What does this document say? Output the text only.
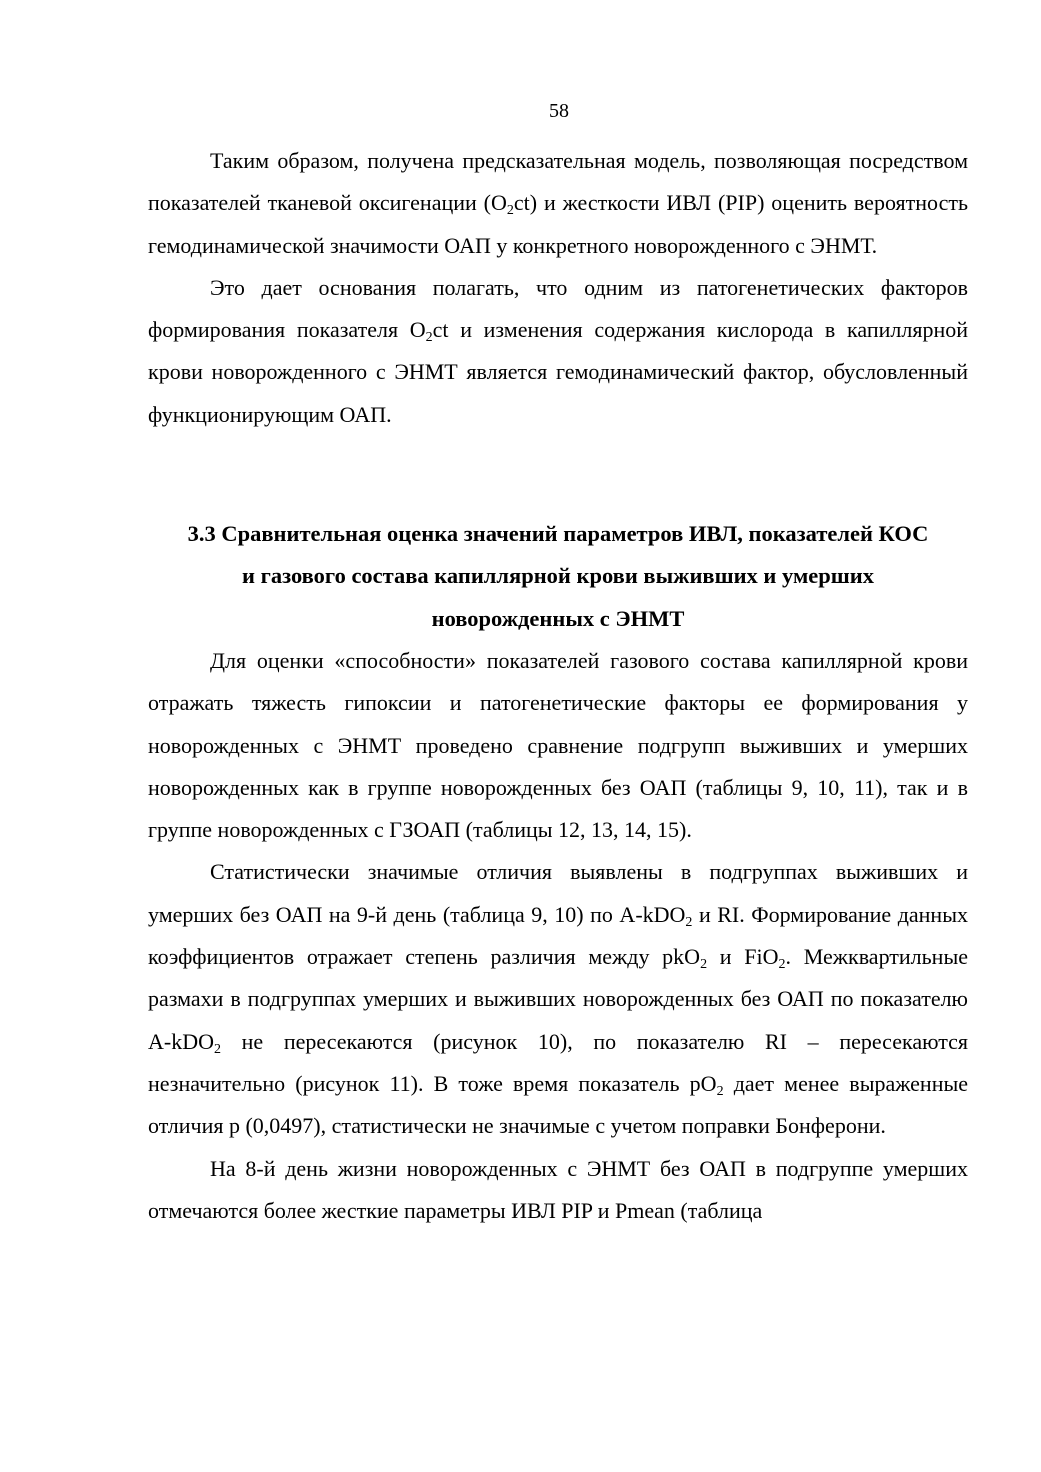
58

Таким образом, получена предсказательная модель, позволяющая посредством показателей тканевой оксигенации $(O_2ct)$ и жесткости ИВЛ (PIP) оценить вероятность гемодинамической значимости ОАП у конкретного новорожденного с ЭНМТ.

Это дает основания полагать, что одним из патогенетических факторов формирования показателя $O_2ct$ и изменения содержания кислорода в капиллярной крови новорожденного с ЭНМТ является гемодинамический фактор, обусловленный функционирующим ОАП.

3.3 Сравнительная оценка значений параметров ИВЛ, показателей КОС
и газового состава капиллярной крови выживших и умерших
новорожденных с ЭНМТ

Для оценки «способности» показателей газового состава капиллярной крови отражать тяжесть гипоксии и патогенетические факторы ее формирования у новорожденных с ЭНМТ проведено сравнение подгрупп выживших и умерших новорожденных как в группе новорожденных без ОАП (таблицы 9, 10, 11), так и в группе новорожденных с ГЗОАП (таблицы 12, 13, 14, 15).

Статистически значимые отличия выявлены в подгруппах выживших и умерших без ОАП на 9-й день (таблица 9, 10) по A-kDO$_2$ и RI. Формирование данных коэффициентов отражает степень различия между pkO$_2$ и FiO$_2$. Межквартильные размахи в подгруппах умерших и выживших новорожденных без ОАП по показателю A-kDO$_2$ не пересекаются (рисунок 10), по показателю RI – пересекаются незначительно (рисунок 11). В тоже время показатель $pO_2$ дает менее выраженные отличия p (0,0497), статистически не значимые с учетом поправки Бонферони.

На 8-й день жизни новорожденных с ЭНМТ без ОАП в подгруппе умерших отмечаются более жесткие параметры ИВЛ PIP и Pmean (таблица
